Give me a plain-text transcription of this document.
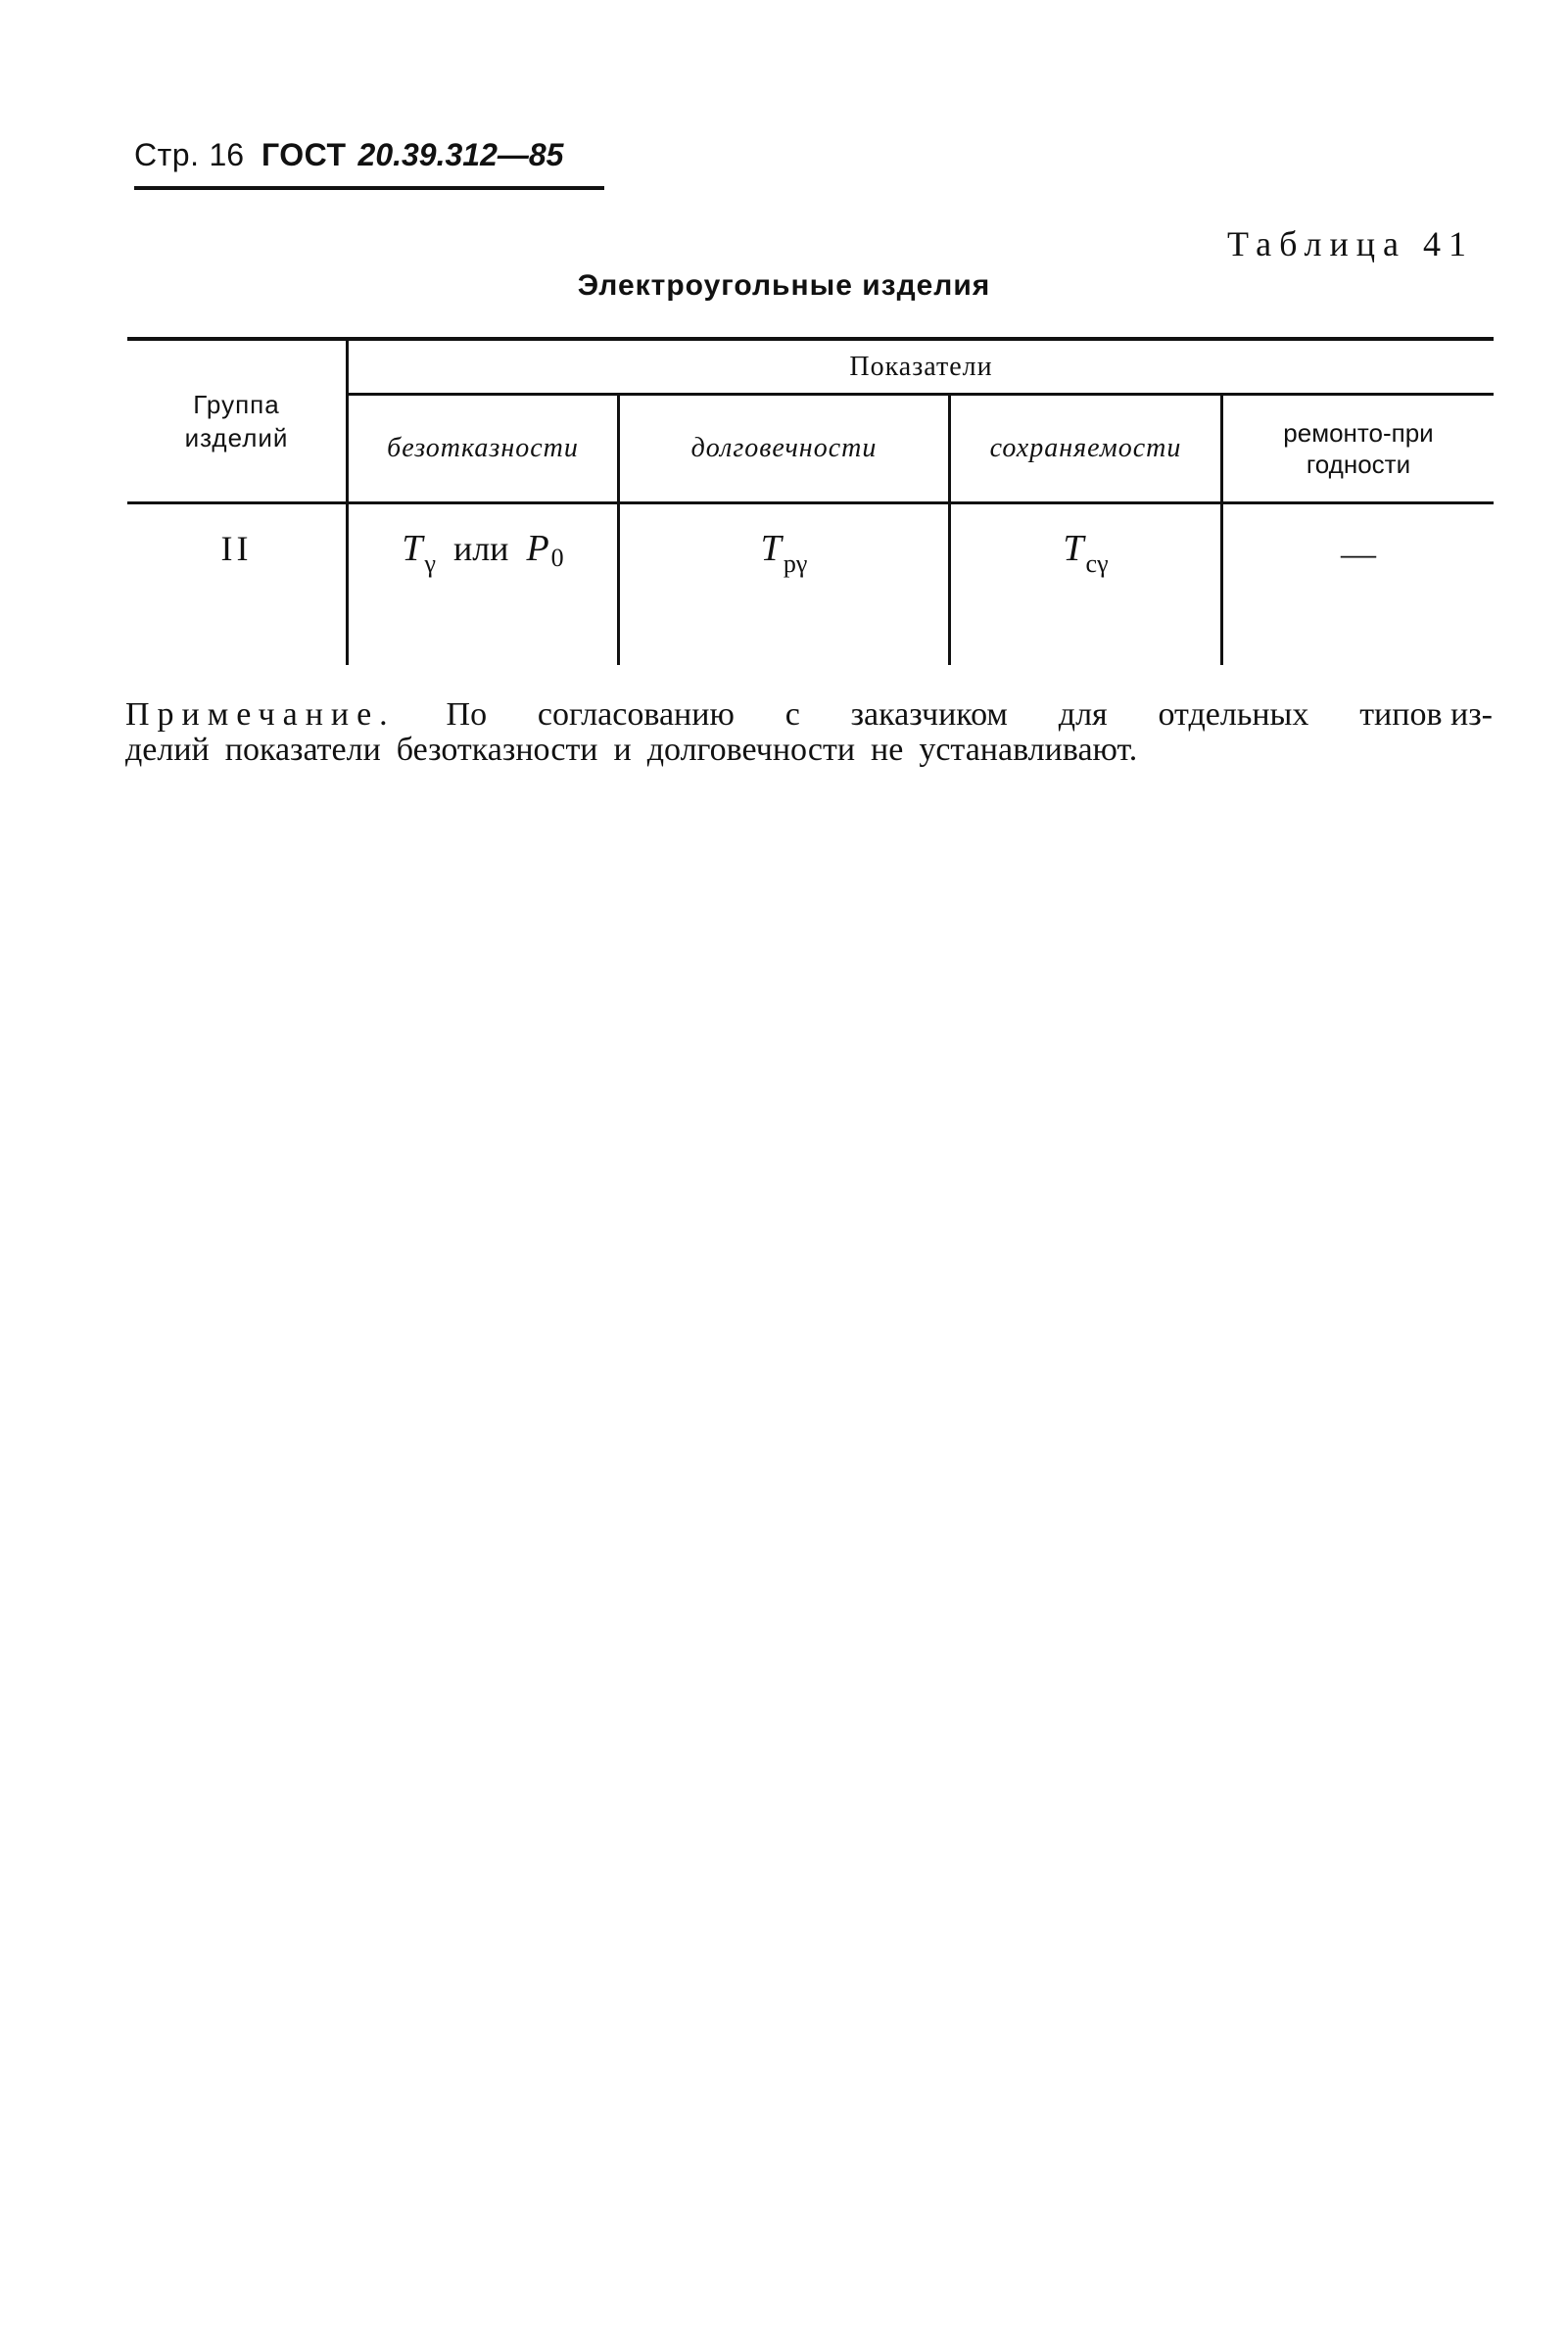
Стр. 16 ГОСТ 20.39.312—85
Таблица 41
Электроугольные изделия
Группа изделий
Показатели
безотказности	долговечности	сохраняемости	ремонто-пригодности
II	$T_\gamma$ или P0	$T_{р\gamma}$	$T_{с\gamma}$	—
Примечание. По согласованию с заказчиком для отдельных типов из-
делий показатели безотказности и долговечности не устанавливают.
